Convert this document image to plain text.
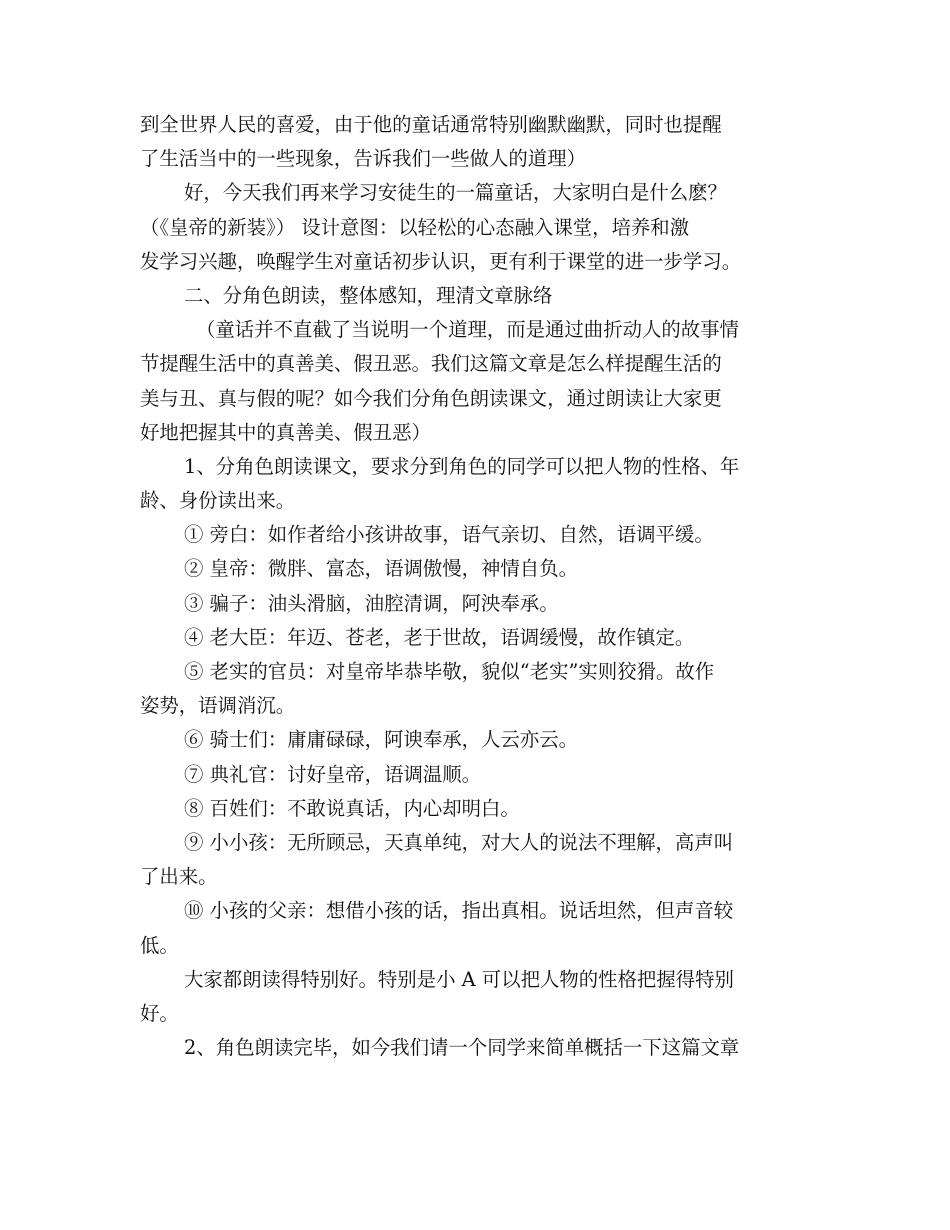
到全世界人民的喜爱，由于他的童话通常特别幽默幽默，同时也提醒
了生活当中的一些现象，告诉我们一些做人的道理）
好，今天我们再来学习安徒生的一篇童话，大家明白是什么麽？
（《皇帝的新装》） 设计意图：以轻松的心态融入课堂，培养和激
发学习兴趣，唤醒学生对童话初步认识，更有利于课堂的进一步学习。
二、分角色朗读，整体感知，理清文章脉络
（童话并不直截了当说明一个道理，而是通过曲折动人的故事情
节提醒生活中的真善美、假丑恶。我们这篇文章是怎么样提醒生活的
美与丑、真与假的呢？如今我们分角色朗读课文，通过朗读让大家更
好地把握其中的真善美、假丑恶）
1、分角色朗读课文，要求分到角色的同学可以把人物的性格、年
龄、身份读出来。
① 旁白：如作者给小孩讲故事，语气亲切、自然，语调平缓。
② 皇帝：微胖、富态，语调傲慢，神情自负。
③ 骗子：油头滑脑，油腔清调，阿泱奉承。
④ 老大臣：年迈、苍老，老于世故，语调缓慢，故作镇定。
⑤ 老实的官员：对皇帝毕恭毕敬，貌似“老实”实则狡猾。故作
姿势，语调消沉。
⑥ 骑士们：庸庸碌碌，阿谀奉承，人云亦云。
⑦ 典礼官：讨好皇帝，语调温顺。
⑧ 百姓们：不敢说真话，内心却明白。
⑨ 小小孩：无所顾忌，天真单纯，对大人的说法不理解，高声叫
了出来。
⑩ 小孩的父亲：想借小孩的话，指出真相。说话坦然，但声音较
低。
大家都朗读得特别好。特别是小 A 可以把人物的性格把握得特别
好。
2、角色朗读完毕，如今我们请一个同学来简单概括一下这篇文章
